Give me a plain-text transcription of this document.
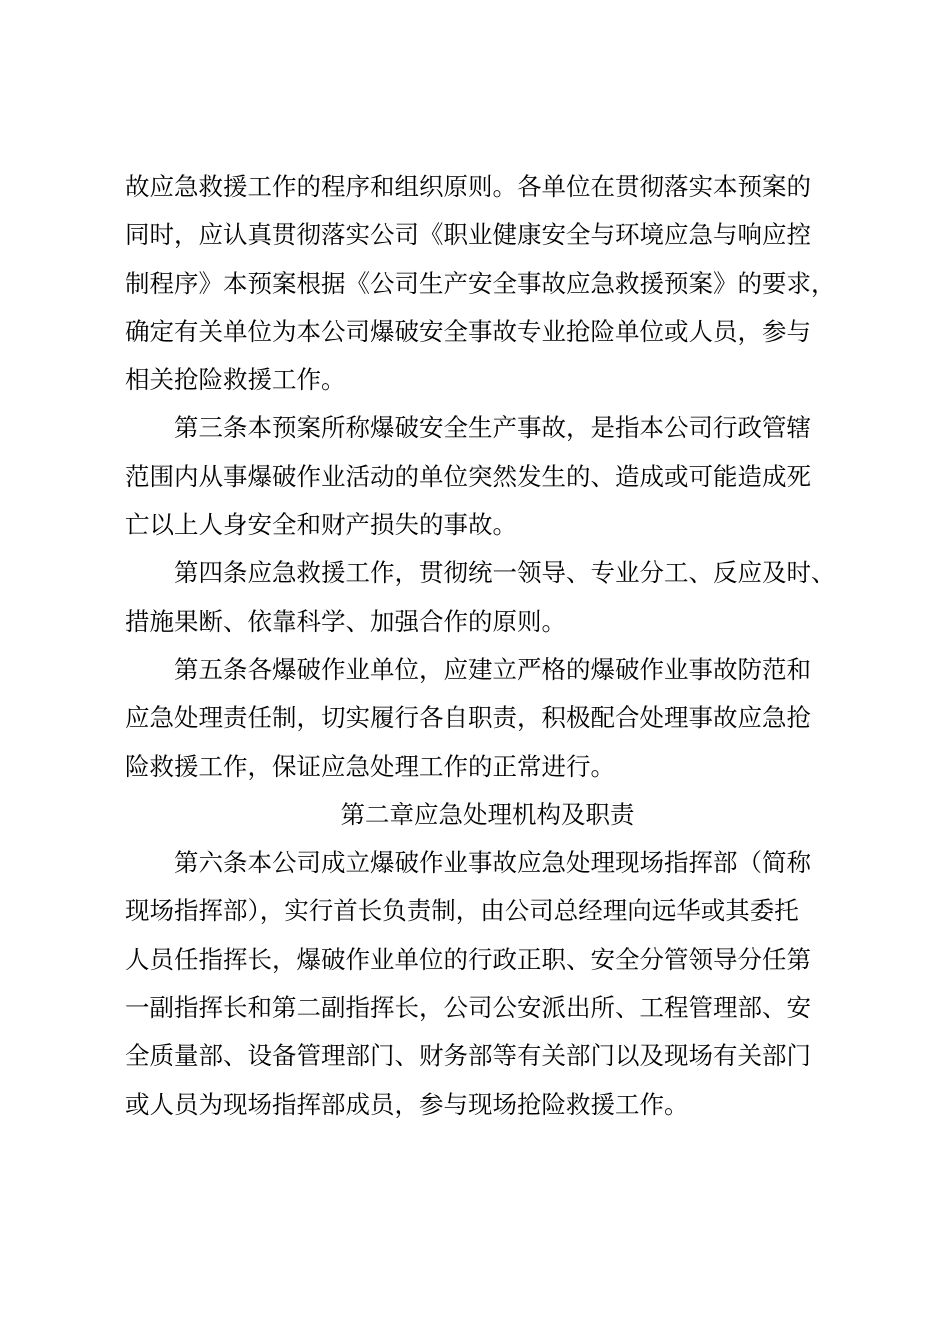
故应急救援工作的程序和组织原则。各单位在贯彻落实本预案的
同时，应认真贯彻落实公司《职业健康安全与环境应急与响应控
制程序》本预案根据《公司生产安全事故应急救援预案》的要求，
确定有关单位为本公司爆破安全事故专业抢险单位或人员，参与
相关抢险救援工作。
第三条本预案所称爆破安全生产事故，是指本公司行政管辖
范围内从事爆破作业活动的单位突然发生的、造成或可能造成死
亡以上人身安全和财产损失的事故。
第四条应急救援工作，贯彻统一领导、专业分工、反应及时、
措施果断、依靠科学、加强合作的原则。
第五条各爆破作业单位，应建立严格的爆破作业事故防范和
应急处理责任制，切实履行各自职责，积极配合处理事故应急抢
险救援工作，保证应急处理工作的正常进行。
第二章应急处理机构及职责
第六条本公司成立爆破作业事故应急处理现场指挥部（简称
现场指挥部），实行首长负责制，由公司总经理向远华或其委托
人员任指挥长，爆破作业单位的行政正职、安全分管领导分任第
一副指挥长和第二副指挥长，公司公安派出所、工程管理部、安
全质量部、设备管理部门、财务部等有关部门以及现场有关部门
或人员为现场指挥部成员，参与现场抢险救援工作。
